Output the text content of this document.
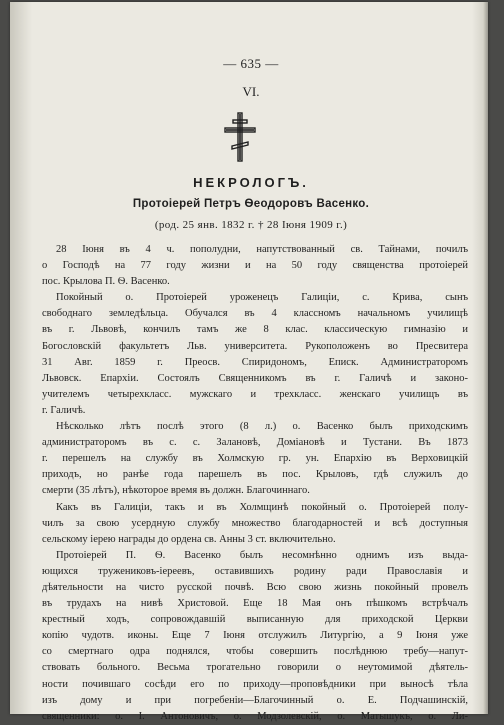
— 635 —
VI.
НЕКРОЛОГЪ.
Протоіерей Петръ Ѳеодоровъ Васенко.
(род. 25 янв. 1832 г. † 28 Іюня 1909 г.)
28 Іюня въ 4 ч. пополудни, напутствованный св. Тайнами, почилъ
о Господѣ на 77 году жизни и на 50 году священства протоіерей
пос. Крылова П. Ѳ. Васенко.
Покойный о. Протоіерей уроженецъ Галиціи, с. Крива, сынъ
свободнаго земледѣльца. Обучался въ 4 классномъ начальномъ училищѣ
въ г. Львовѣ, кончилъ тамъ же 8 клас. классическую гимназію и
Богословскій факультетъ Льв. университета. Рукоположенъ во Пресвитера
31 Авг. 1859 г. Преосв. Спиридономъ, Епиcк. Администраторомъ
Львовск. Епархіи. Состоялъ Священникомъ въ г. Галичѣ и законо-
учителемъ четырехкласс. мужскаго и трехкласс. женскаго училищъ въ
г. Галичѣ.
Нѣсколько лѣтъ послѣ этого (8 л.) о. Васенко былъ приходскимъ
администраторомъ въ с. с. Залановѣ, Доміановѣ и Тустани. Въ 1873
г. перешелъ на службу въ Холмскую гр. ун. Епархію въ Верховицкій
приходъ, но ранѣе года парешелъ въ пос. Крыловъ, гдѣ служилъ до
смерти (35 лѣтъ), нѣкоторое время въ должн. Благочиннаго.
Какъ въ Галиціи, такъ и въ Холмщинѣ покойный о. Протоіерей полу-
чилъ за свою усердную службу множество благодарностей и всѣ доступныя
сельскому іерею награды до ордена св. Анны 3 ст. включительно.
Протоіерей П. Ѳ. Васенко былъ несомнѣнно однимъ изъ выда-
ющихся тружениковъ-іереевъ, оставившихъ родину ради Православія и
дѣятельности на чисто русской почвѣ. Всю свою жизнь покойный провелъ
въ трудахъ на нивѣ Христовой. Еще 18 Мая онъ пѣшкомъ встрѣчалъ
крестный ходъ, сопровождавшій выписанную для приходской Церкви
копію чудотв. иконы. Еще 7 Іюня отслужилъ Литургію, а 9 Іюня уже
со смертнаго одра поднялся, чтобы совершить послѣднюю требу—напут-
ствовать больного. Весьма трогательно говорили о неутомимой дѣятель-
ности почившаго сосѣди его по приходу—проповѣдники при выносѣ тѣла
изъ дому и при погребеніи—Благочинный о. Е. Подчашинскій,
священники: о. І. Антоновичъ, о. Модзолевскій, о. Матышукъ, о. Ли-
